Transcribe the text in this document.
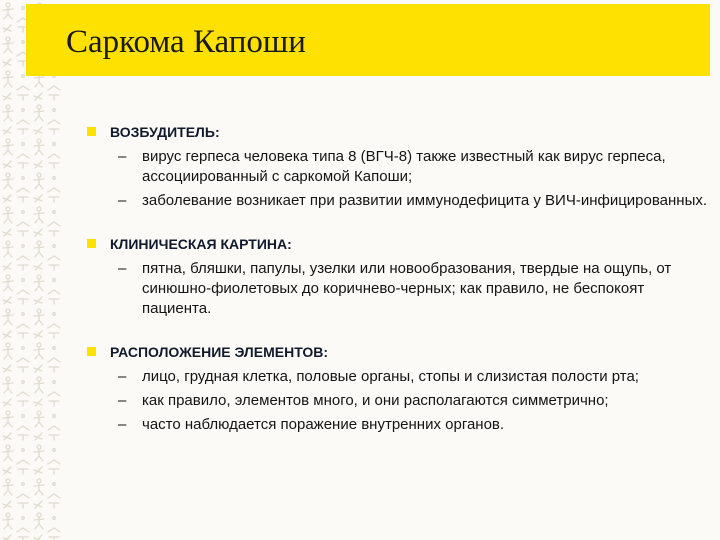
Саркома Капоши
ВОЗБУДИТЕЛЬ:
– вирус герпеса человека типа 8 (ВГЧ-8) также известный как вирус герпеса, ассоциированный с саркомой Капоши;
– заболевание возникает при развитии иммунодефицита у ВИЧ-инфицированных.
КЛИНИЧЕСКАЯ КАРТИНА:
– пятна, бляшки, папулы, узелки или новообразования, твердые на ощупь, от синюшно-фиолетовых до коричнево-черных; как правило, не беспокоят пациента.
РАСПОЛОЖЕНИЕ ЭЛЕМЕНТОВ:
– лицо, грудная клетка, половые органы, стопы и слизистая полости рта;
– как правило, элементов много, и они располагаются симметрично;
– часто наблюдается поражение внутренних органов.
